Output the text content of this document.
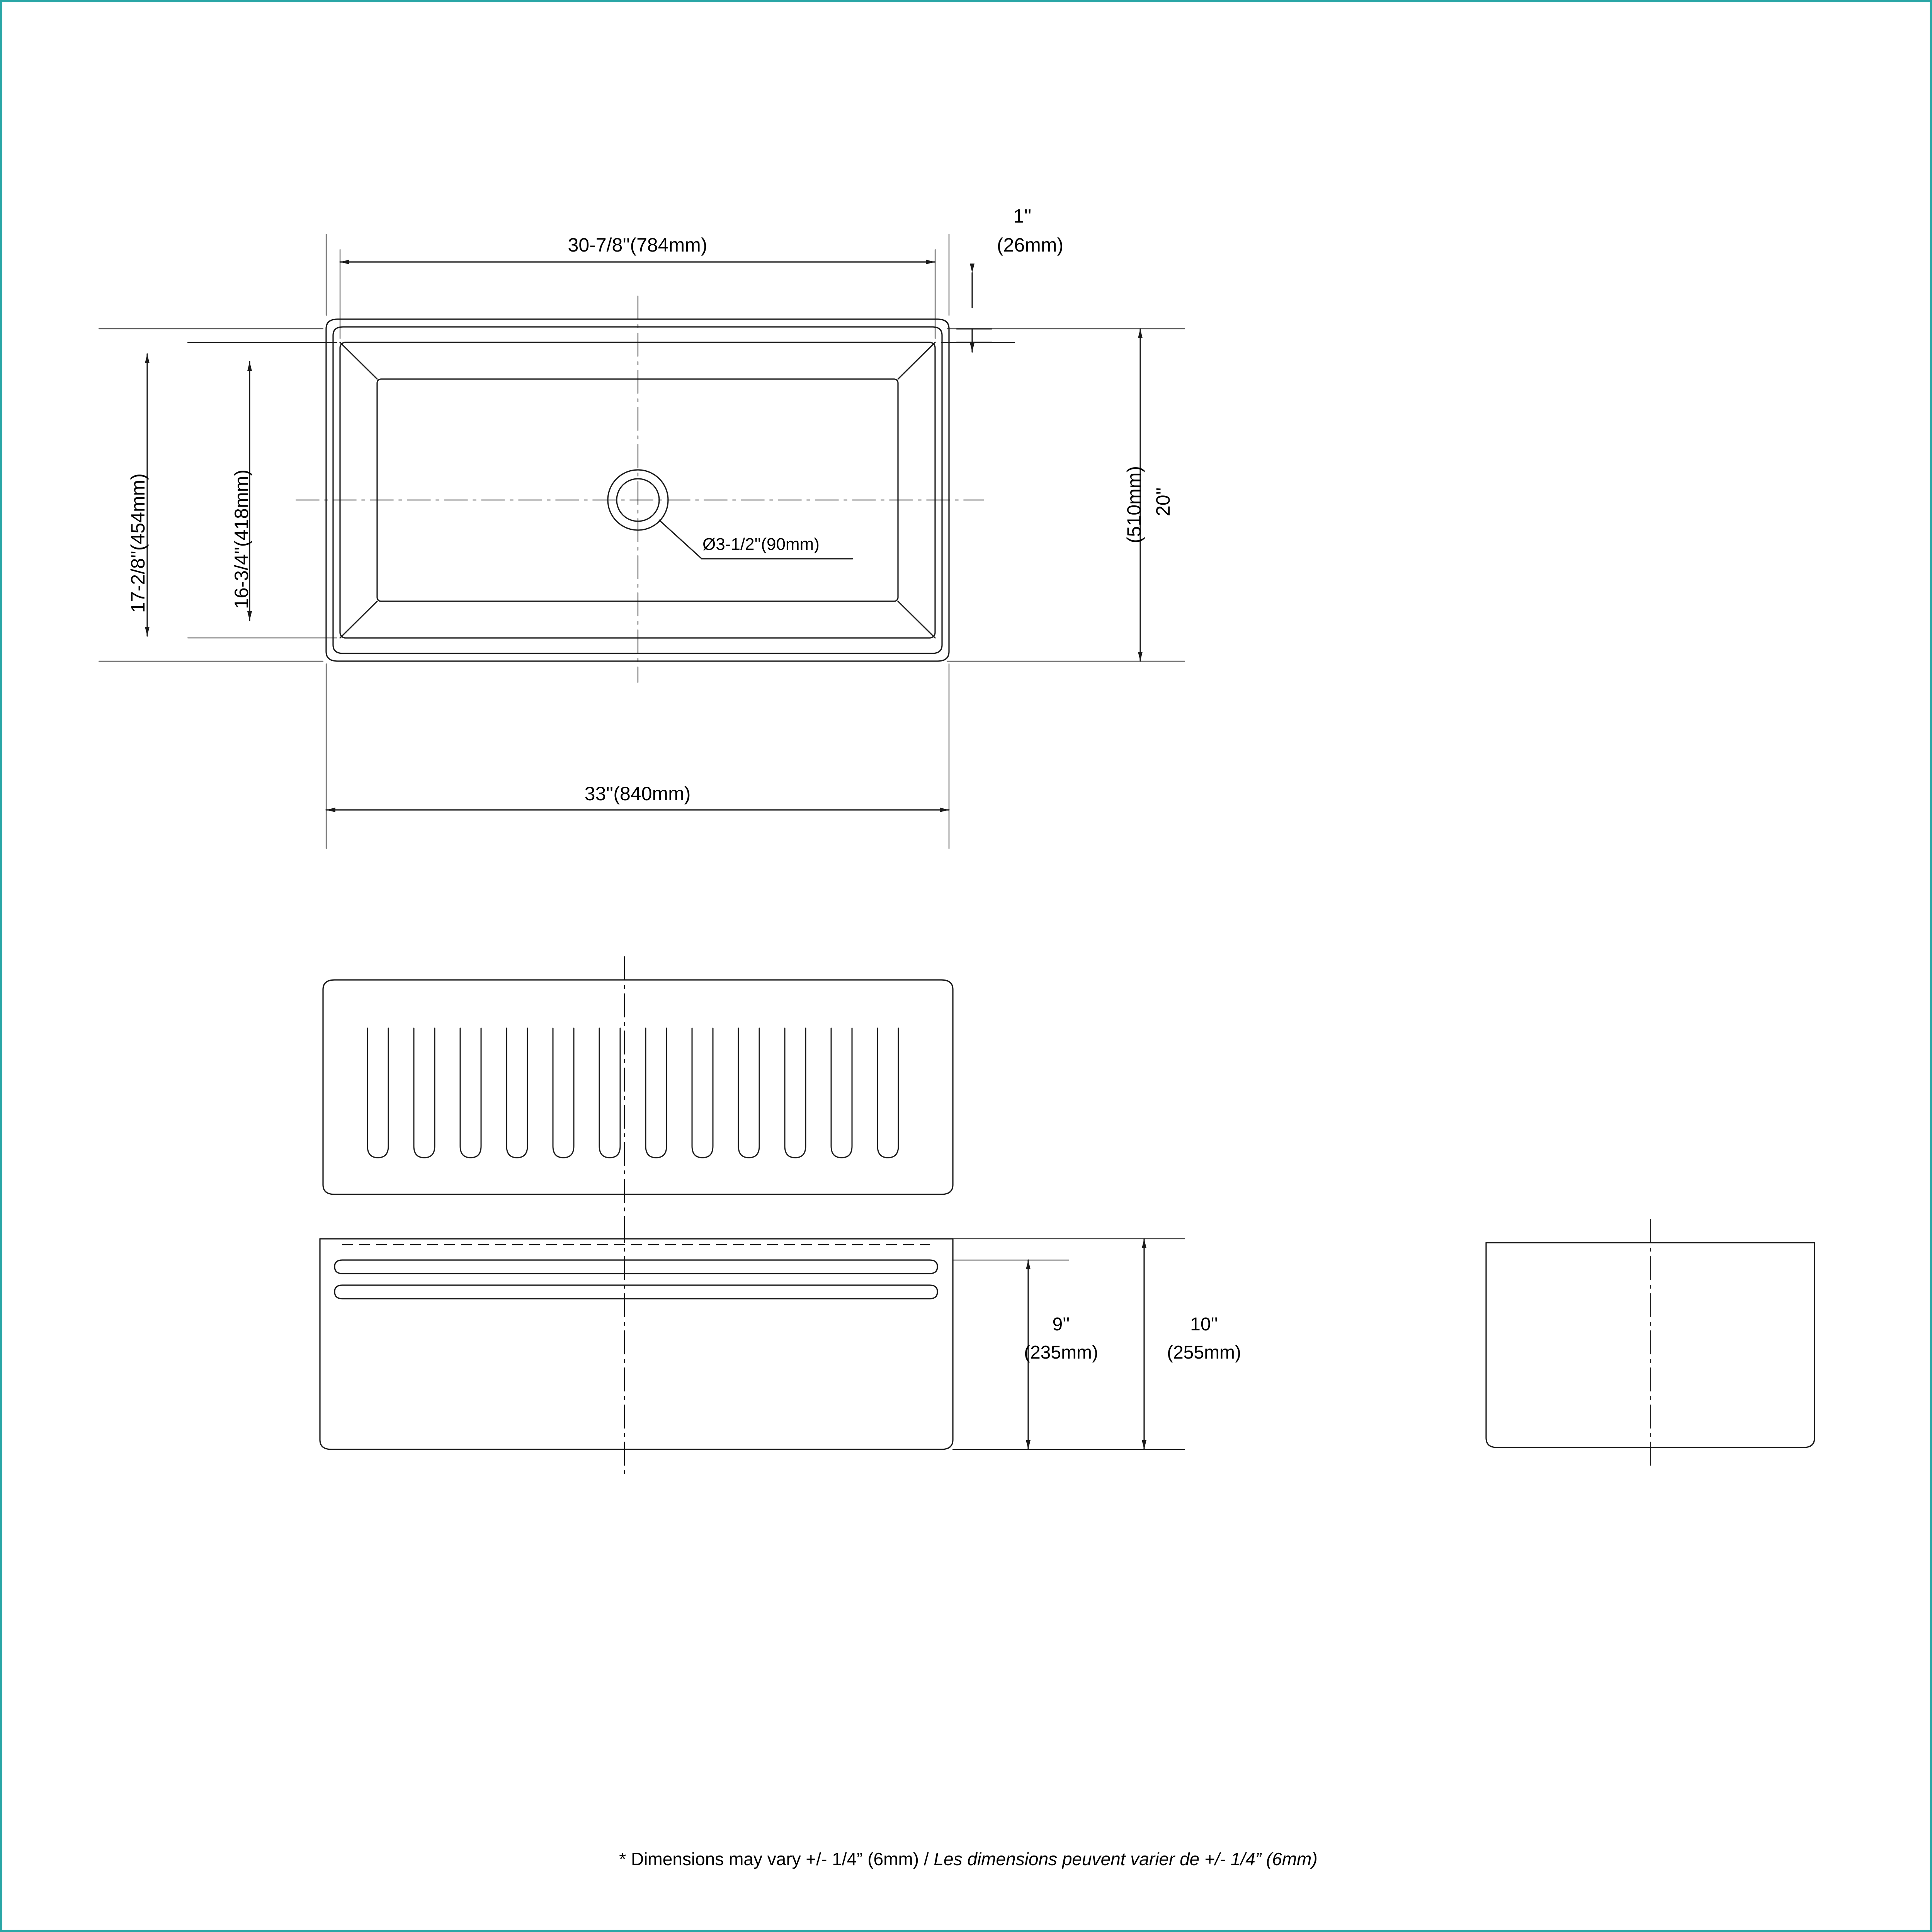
30-7/8''(784mm)
1''
(26mm)
20''
(510mm)
17-2/8''(454mm)	16-3/4''(418mm)
33''(840mm)
Ø3-1/2''(90mm)
9''
(235mm)
10''
(255mm)
* Dimensions may vary +/- 1/4” (6mm) / Les dimensions peuvent varier de +/- 1/4” (6mm)
